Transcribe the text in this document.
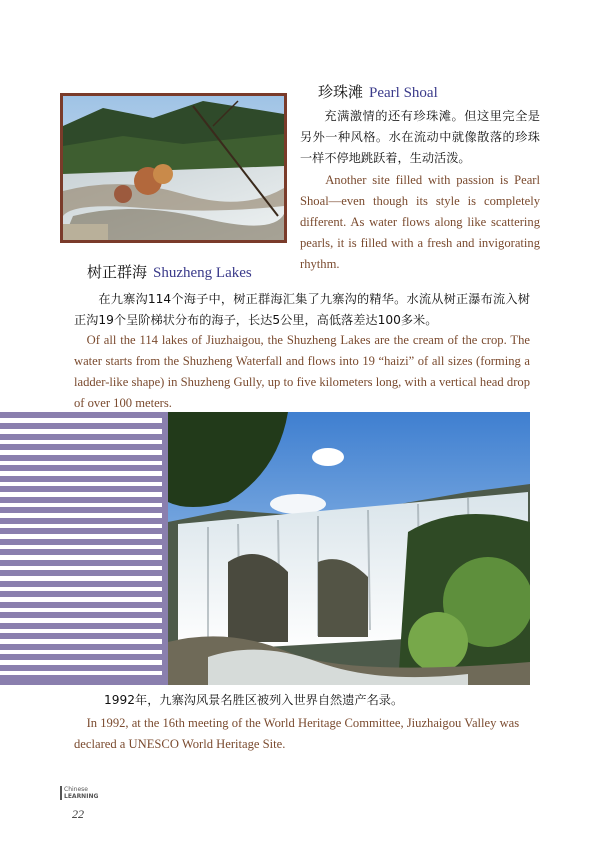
珍珠滩 Pearl Shoal
充满激情的还有珍珠滩。但这里完全是另外一种风格。水在流动中就像散落的珍珠一样不停地跳跃着，生动活泼。
Another site filled with passion is Pearl Shoal—even though its style is completely different. As water flows along like scattering pearls, it is filled with a fresh and invigorating rhythm.
树正群海 Shuzheng Lakes
在九寨沟114个海子中，树正群海汇集了九寨沟的精华。水流从树正瀑布流入树正沟19个呈阶梯状分布的海子，长达5公里，高低落差达100多米。
Of all the 114 lakes of Jiuzhaigou, the Shuzheng Lakes are the cream of the crop. The water starts from the Shuzheng Waterfall and flows into 19 “haizi” of all sizes (forming a ladder-like shape) in Shuzheng Gully, up to five kilometers long, with a vertical head drop of over 100 meters.
1992年，九寨沟风景名胜区被列入世界自然遗产名录。
In 1992, at the 16th meeting of the World Heritage Committee, Jiuzhaigou Valley was declared a UNESCO World Heritage Site.
Chinese
LEARNING
22
